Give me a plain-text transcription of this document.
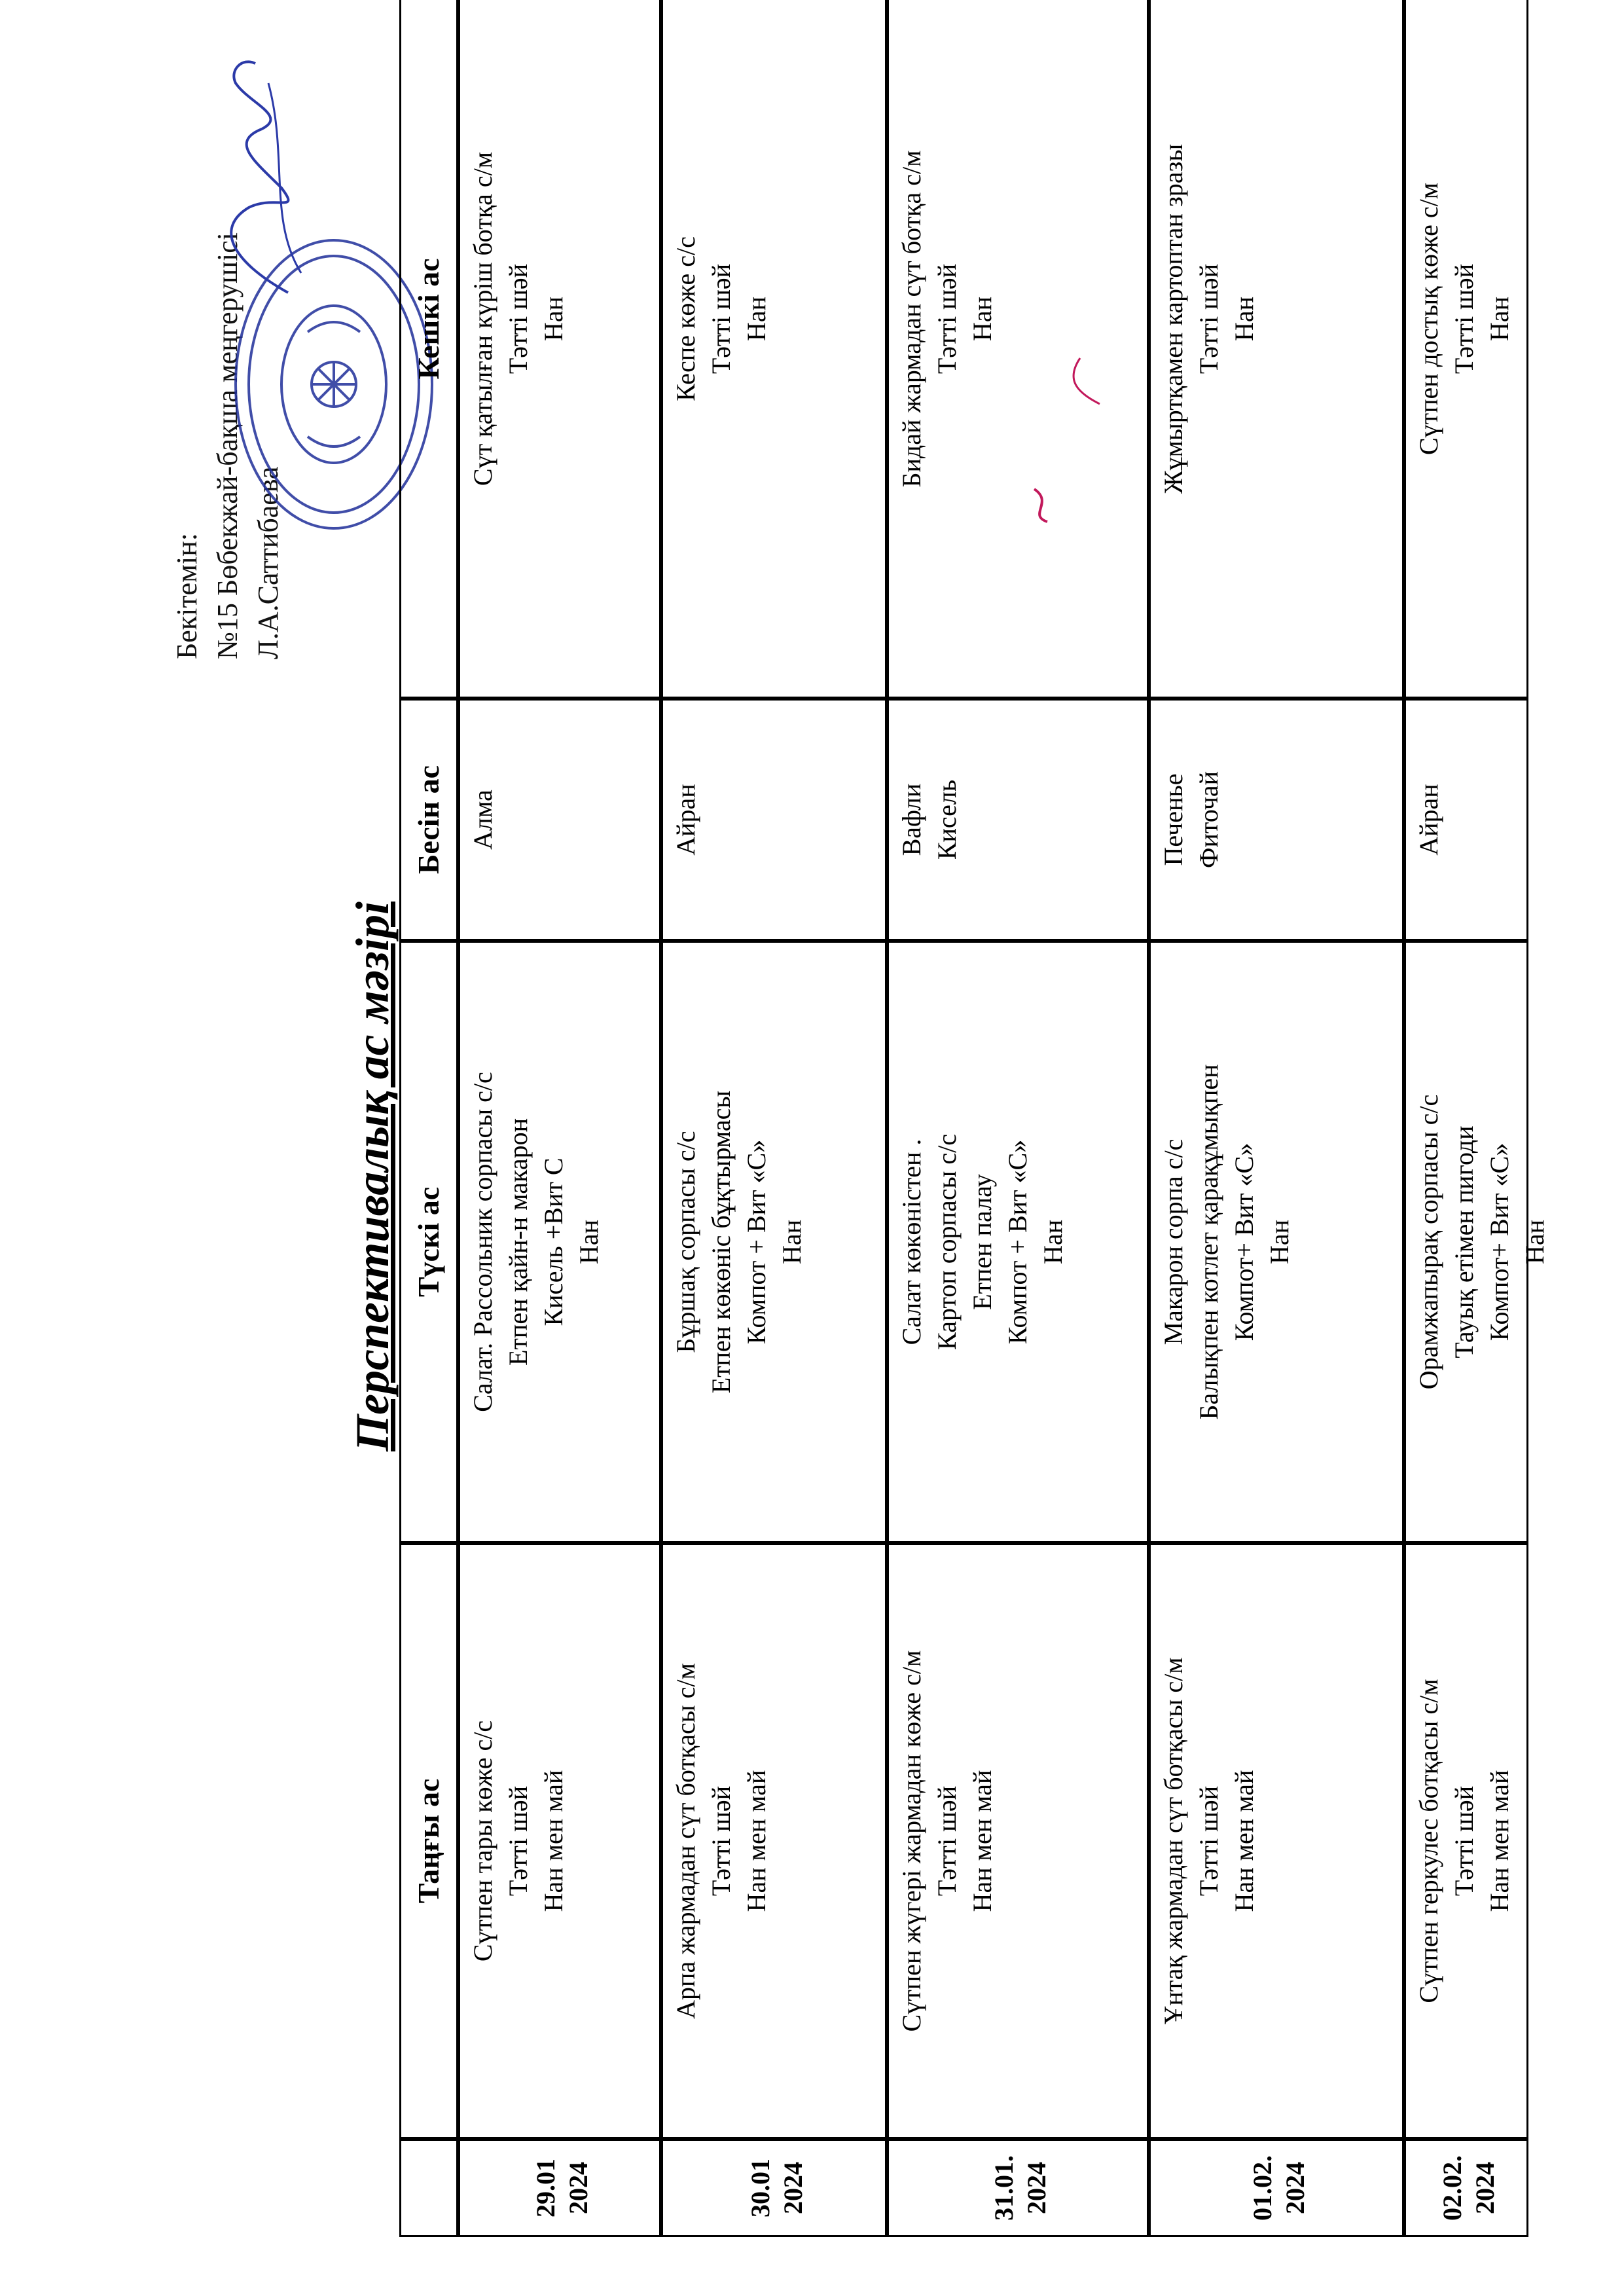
Бекітемін: №15 Бөбекжай-бақша меңгерушісі Л.А.Саттибаева
Перспективалық ас мәзірі
Таңғы ас
Түскі ас
Бесін ас
Кешкі ас
29.01 2024
Сүтпен тары көже с/с Тәтті шәй Нан мен май
Салат. Рассольник сорпасы с/с Етпен қайн-н макарон Кисель +Вит С Нан
Алма
Сүт қатылған күріш ботқа с/м Тәтті шәй Нан
30.01 2024
Арпа жармадан сүт ботқасы с/м Тәтті шәй Нан мен май
Бұршақ сорпасы с/с Етпен көкөніс бұқтырмасы Компот + Вит «С» Нан
Айран
Кеспе көже с/с Тәтті шәй Нан
31.01. 2024
Сүтпен жүгері жармадан көже с/м Тәтті шәй Нан мен май
Салат көкөністен . Картоп сорпасы с/с Етпен палау Компот + Вит «С» Нан
Вафли Кисель
Бидай жармадан сүт ботқа с/м Тәтті шәй Нан
01.02. 2024
Ұнтақ жармадан сүт ботқасы с/м Тәтті шәй Нан мен май
Макарон сорпа с/с Балықпен котлет қарақұмықпен Компот+ Вит «С» Нан
Печенье Фиточай
Жұмыртқамен картоптан зразы Тәтті шәй Нан
02.02. 2024
Сүтпен геркулес ботқасы с/м Тәтті шәй Нан мен май
Орамжапырақ сорпасы с/с Тауық етімен пигоди Компот+ Вит «С» Нан
Айран
Сүтпен достық көже с/м Тәтті шәй Нан
